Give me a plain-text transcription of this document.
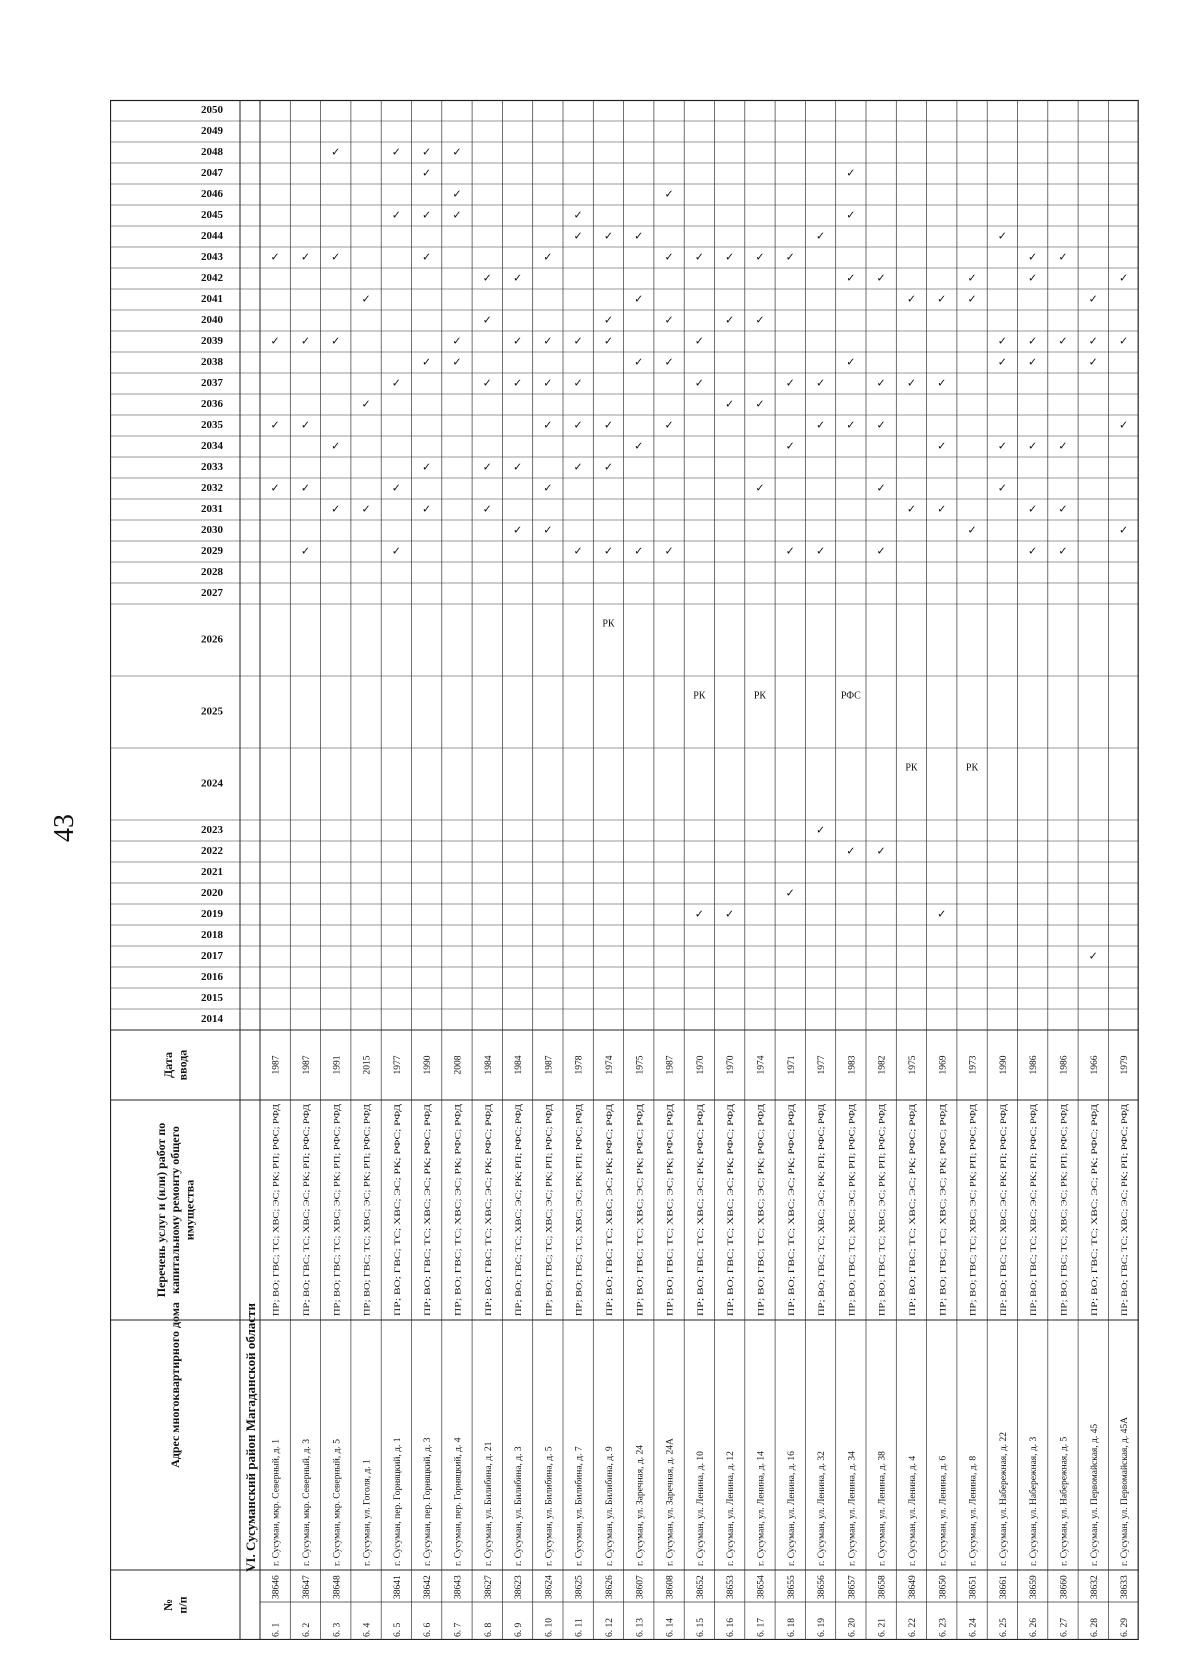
43
№п/п
Адрес многоквартирного дома
Перечень услуг и (или) работ покапитальному ремонту общегоимущества
Датаввода
2014
2015
2016
2017
2018
2019
2020
2021
2022
2023
2024
2025
2026
2027
2028
2029
2030
2031
2032
2033
2034
2035
2036
2037
2038
2039
2040
2041
2042
2043
2044
2045
2046
2047
2048
2049
2050
VI. Сусуманский район Магаданской области
6. 1
38646
г. Сусуман, мкр. Северный, д. 1
ПР; ВО; ГВС; ТС; ХВС; ЭС; РК; РП; РФС; РФД
1987
✓
✓
✓
✓
6. 2
38647
г. Сусуман, мкр. Северный, д. 3
ПР; ВО; ГВС; ТС; ХВС; ЭС; РК; РП; РФС; РФД
1987
✓
✓
✓
✓
✓
6. 3
38648
г. Сусуман, мкр. Северный, д. 5
ПР; ВО; ГВС; ТС; ХВС; ЭС; РК; РП; РФС; РФД
1991
✓
✓
✓
✓
✓
6. 4
г. Сусуман, ул. Гоголя, д. 1
ПР; ВО; ГВС; ТС; ХВС; ЭС; РК; РП; РФС; РФД
2015
✓
✓
✓
6. 5
38641
г. Сусуман, пер. Горняцкий, д. 1
ПР; ВО; ГВС; ТС; ХВС; ЭС; РК; РФС; РФД
1977
✓
✓
✓
✓
✓
6. 6
38642
г. Сусуман, пер. Горняцкий, д. 3
ПР; ВО; ГВС; ТС; ХВС; ЭС; РК; РФС; РФД
1990
✓
✓
✓
✓
✓
✓
✓
6. 7
38643
г. Сусуман, пер. Горняцкий, д. 4
ПР; ВО; ГВС; ТС; ХВС; ЭС; РК; РФС; РФД
2008
✓
✓
✓
✓
✓
6. 8
38627
г. Сусуман, ул. Билибина, д. 21
ПР; ВО; ГВС; ТС; ХВС; ЭС; РК; РФС; РФД
1984
✓
✓
✓
✓
✓
6. 9
38623
г. Сусуман, ул. Билибина, д. 3
ПР; ВО; ГВС; ТС; ХВС; ЭС; РК; РП; РФС; РФД
1984
✓
✓
✓
✓
✓
6. 10
38624
г. Сусуман, ул. Билибина, д. 5
ПР; ВО; ГВС; ТС; ХВС; ЭС; РК; РП; РФС; РФД
1987
✓
✓
✓
✓
✓
✓
6. 11
38625
г. Сусуман, ул. Билибина, д. 7
ПР; ВО; ГВС; ТС; ХВС; ЭС; РК; РП; РФС; РФД
1978
✓
✓
✓
✓
✓
✓
✓
6. 12
38626
г. Сусуман, ул. Билибина, д. 9
ПР; ВО; ГВС; ТС; ХВС; ЭС; РК; РФС; РФД
1974
✓
✓
✓
✓
✓
✓
РК
6. 13
38607
г. Сусуман, ул. Заречная, д. 24
ПР; ВО; ГВС; ТС; ХВС; ЭС; РК; РФС; РФД
1975
✓
✓
✓
✓
✓
6. 14
38608
г. Сусуман, ул. Заречная, д. 24А
ПР; ВО; ГВС; ТС; ХВС; ЭС; РК; РФС; РФД
1987
✓
✓
✓
✓
✓
✓
6. 15
38652
г. Сусуман, ул. Ленина, д. 10
ПР; ВО; ГВС; ТС; ХВС; ЭС; РК; РФС; РФД
1970
✓
✓
✓
✓
РК
6. 16
38653
г. Сусуман, ул. Ленина, д. 12
ПР; ВО; ГВС; ТС; ХВС; ЭС; РК; РФС; РФД
1970
✓
✓
✓
✓
6. 17
38654
г. Сусуман, ул. Ленина, д. 14
ПР; ВО; ГВС; ТС; ХВС; ЭС; РК; РФС; РФД
1974
✓
✓
✓
✓
РК
6. 18
38655
г. Сусуман, ул. Ленина, д. 16
ПР; ВО; ГВС; ТС; ХВС; ЭС; РК; РФС; РФД
1971
✓
✓
✓
✓
✓
6. 19
38656
г. Сусуман, ул. Ленина, д. 32
ПР; ВО; ГВС; ТС; ХВС; ЭС; РК; РП; РФС; РФД
1977
✓
✓
✓
✓
✓
6. 20
38657
г. Сусуман, ул. Ленина, д. 34
ПР; ВО; ГВС; ТС; ХВС; ЭС; РК; РП; РФС; РФД
1983
✓
✓
✓
✓
✓
✓
РФС
6. 21
38658
г. Сусуман, ул. Ленина, д. 38
ПР; ВО; ГВС; ТС; ХВС; ЭС; РК; РП; РФС; РФД
1982
✓
✓
✓
✓
✓
✓
6. 22
38649
г. Сусуман, ул. Ленина, д. 4
ПР; ВО; ГВС; ТС; ХВС; ЭС; РК; РФС; РФД
1975
✓
✓
✓
РК
6. 23
38650
г. Сусуман, ул. Ленина, д. 6
ПР; ВО; ГВС; ТС; ХВС; ЭС; РК; РФС; РФД
1969
✓
✓
✓
✓
✓
6. 24
38651
г. Сусуман, ул. Ленина, д. 8
ПР; ВО; ГВС; ТС; ХВС; ЭС; РК; РП; РФС; РФД
1973
✓
✓
✓
РК
6. 25
38661
г. Сусуман, ул. Набережная, д. 22
ПР; ВО; ГВС; ТС; ХВС; ЭС; РК; РП; РФС; РФД
1990
✓
✓
✓
✓
✓
6. 26
38659
г. Сусуман, ул. Набережная, д. 3
ПР; ВО; ГВС; ТС; ХВС; ЭС; РК; РП; РФС; РФД
1986
✓
✓
✓
✓
✓
✓
✓
6. 27
38660
г. Сусуман, ул. Набережная, д. 5
ПР; ВО; ГВС; ТС; ХВС; ЭС; РК; РП; РФС; РФД
1986
✓
✓
✓
✓
✓
6. 28
38632
г. Сусуман, ул. Первомайская, д. 45
ПР; ВО; ГВС; ТС; ХВС; ЭС; РК; РФС; РФД
1966
✓
✓
✓
✓
6. 29
38633
г. Сусуман, ул. Первомайская, д. 45А
ПР; ВО; ГВС; ТС; ХВС; ЭС; РК; РП; РФС; РФД
1979
✓
✓
✓
✓
